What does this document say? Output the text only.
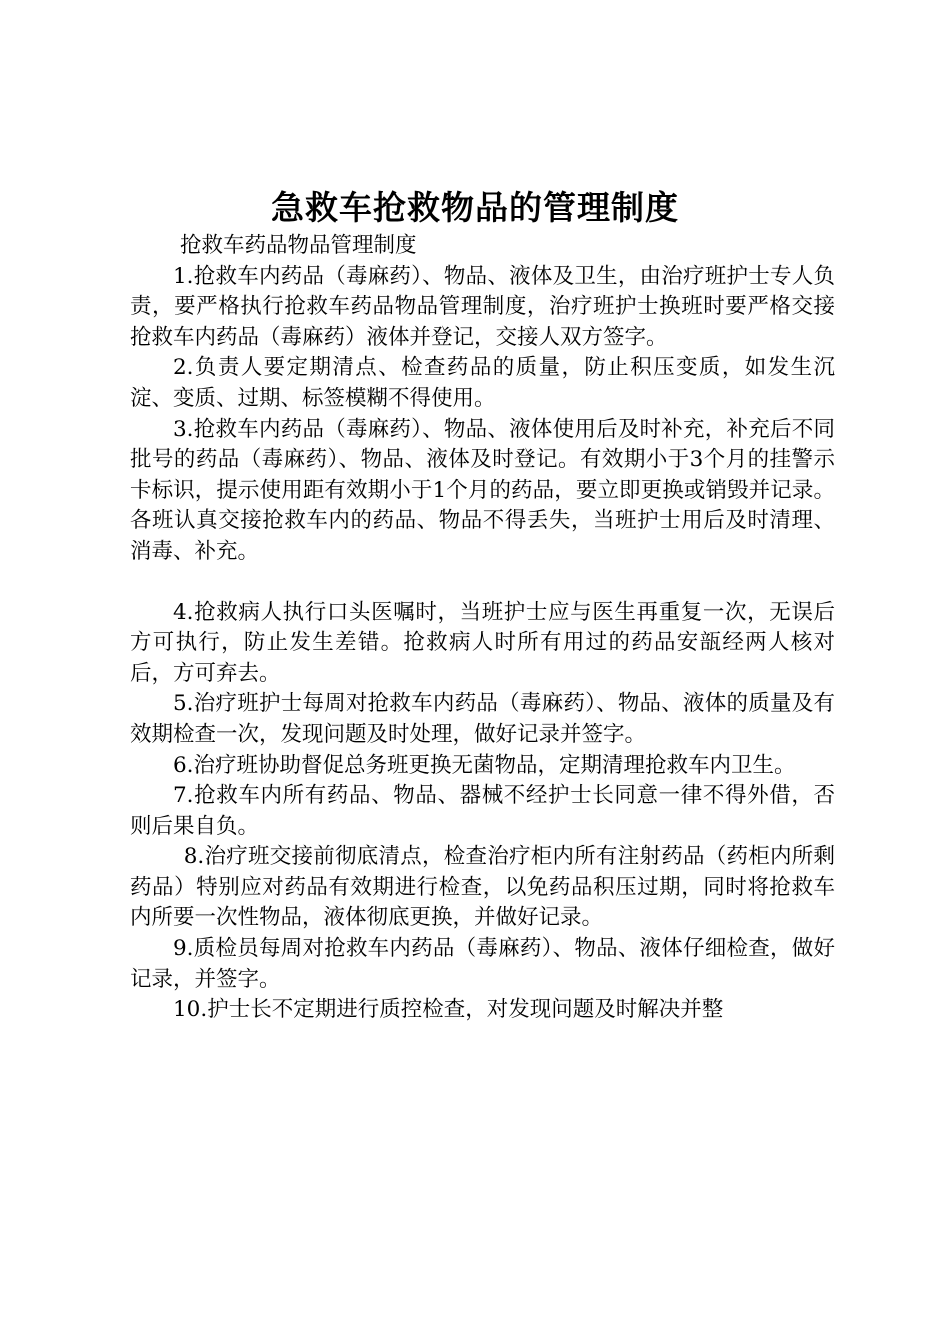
急救车抢救物品的管理制度

抢救车药品物品管理制度

1.抢救车内药品（毒麻药）、物品、液体及卫生，由治疗班护士专人负责，要严格执行抢救车药品物品管理制度，治疗班护士换班时要严格交接抢救车内药品（毒麻药）液体并登记，交接人双方签字。

2.负责人要定期清点、检查药品的质量，防止积压变质，如发生沉淀、变质、过期、标签模糊不得使用。

3.抢救车内药品（毒麻药）、物品、液体使用后及时补充，补充后不同批号的药品（毒麻药）、物品、液体及时登记。有效期小于3个月的挂警示卡标识，提示使用距有效期小于1个月的药品，要立即更换或销毁并记录。各班认真交接抢救车内的药品、物品不得丢失，当班护士用后及时清理、消毒、补充。

4.抢救病人执行口头医嘱时，当班护士应与医生再重复一次，无误后方可执行，防止发生差错。抢救病人时所有用过的药品安瓿经两人核对后，方可弃去。

5.治疗班护士每周对抢救车内药品（毒麻药）、物品、液体的质量及有效期检查一次，发现问题及时处理，做好记录并签字。

6.治疗班协助督促总务班更换无菌物品，定期清理抢救车内卫生。

7.抢救车内所有药品、物品、器械不经护士长同意一律不得外借，否则后果自负。

8.治疗班交接前彻底清点，检查治疗柜内所有注射药品（药柜内所剩药品）特别应对药品有效期进行检查，以免药品积压过期，同时将抢救车内所要一次性物品，液体彻底更换，并做好记录。

9.质检员每周对抢救车内药品（毒麻药）、物品、液体仔细检查，做好记录，并签字。

10.护士长不定期进行质控检查，对发现问题及时解决并整
